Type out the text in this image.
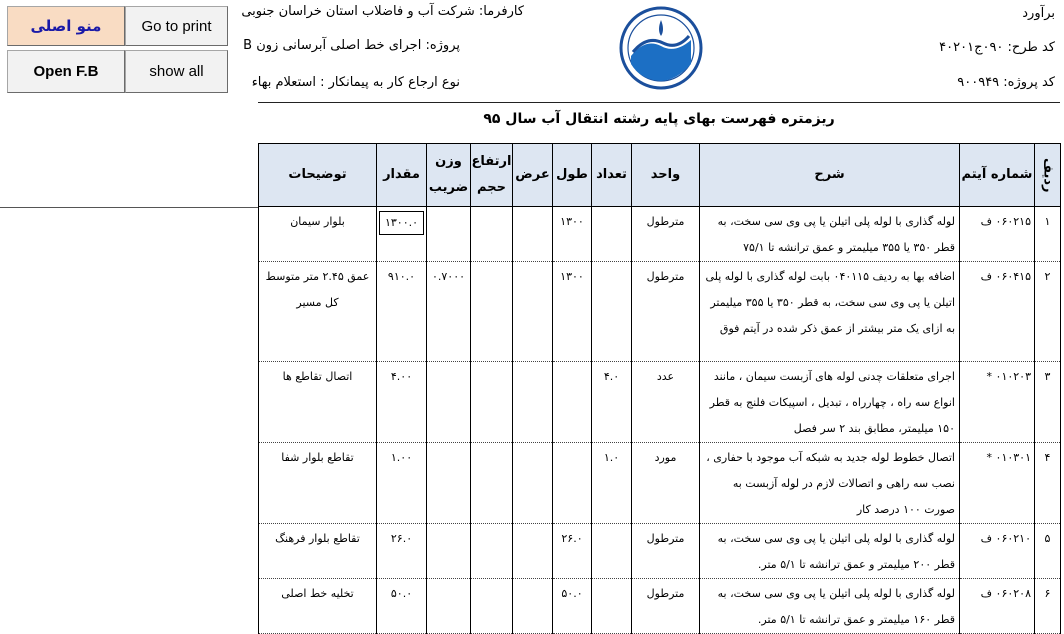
منو اصلی	Go to print
Open F.B	show all
کارفرما: شرکت آب و فاضلاب استان خراسان جنوبی
پروژه: اجرای خط اصلی آبرسانی زون B
نوع ارجاع کار به پیمانکار : استعلام بهاء
برآورد
کد طرح: ۰۹۰ج۴۰۲۰۱
کد پروژه: ۹۰۰۹۴۹
ریزمتره فهرست بهای پایه رشته انتقال آب سال ۹۵
ردیف	شماره آیتم	شرح	واحد	تعداد	طول	عرض	ارتفاع حجم	وزن ضریب	مقدار	توضیحات
۱	۰۶۰۲۱۵ ف	لوله گذاری با لوله پلی اتیلن یا پی وی سی سخت، به قطر ۳۵۰ یا ۳۵۵ میلیمتر و عمق ترانشه تا ۷۵/۱	مترطول		۱۳۰۰				۱۳۰۰.۰	بلوار سیمان
۲	۰۶۰۴۱۵ ف	اضافه بها به ردیف ۰۴۰۱۱۵ بابت لوله گذاری با لوله پلی اتیلن یا پی وی سی سخت، به قطر ۳۵۰ یا ۳۵۵ میلیمتر به ازای یک متر بیشتر از عمق ذکر شده در آیتم فوق	مترطول		۱۳۰۰			۰.۷۰۰۰	۹۱۰.۰	عمق ۲.۴۵ متر متوسط کل مسیر
۳	۰۱۰۲۰۳ *	اجرای متعلقات چدنی لوله های آزبست سیمان ، مانند انواع سه راه ، چهارراه ، تبدیل ، اسپیکات فلنج به قطر ۱۵۰ میلیمتر، مطابق بند ۲ سر فصل	عدد	۴.۰					۴.۰۰	اتصال تقاطع ها
۴	۰۱۰۳۰۱ *	اتصال خطوط لوله جدید به شبکه آب موجود با حفاری ، نصب سه راهی و اتصالات لازم در لوله آزبست به صورت ۱۰۰ درصد کار	مورد	۱.۰					۱.۰۰	تقاطع بلوار شفا
۵	۰۶۰۲۱۰ ف	لوله گذاری با لوله پلی اتیلن یا پی وی سی سخت، به قطر ۲۰۰ میلیمتر و عمق ترانشه تا ۵/۱ متر.	مترطول		۲۶.۰				۲۶.۰	تقاطع بلوار فرهنگ
۶	۰۶۰۲۰۸ ف	لوله گذاری با لوله پلی اتیلن یا پی وی سی سخت، به قطر ۱۶۰ میلیمتر و عمق ترانشه تا ۵/۱ متر.	مترطول		۵۰.۰				۵۰.۰	تخلیه خط اصلی
